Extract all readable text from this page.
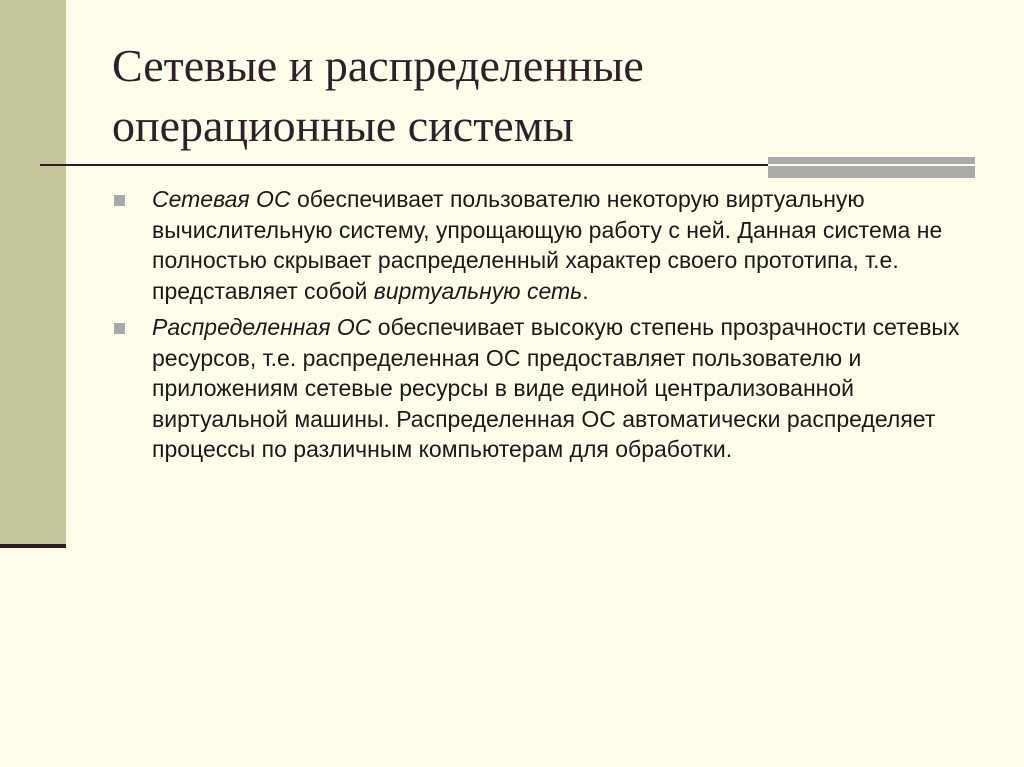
Сетевые и распределенные
операционные системы
Сетевая ОС обеспечивает пользователю некоторую виртуальную вычислительную систему, упрощающую работу с ней. Данная система не полностью скрывает распределенный характер своего прототипа, т.е. представляет собой виртуальную сеть.
Распределенная ОС обеспечивает высокую степень прозрачности сетевых ресурсов, т.е. распределенная ОС предоставляет пользователю и приложениям сетевые ресурсы в виде единой централизованной виртуальной машины. Распределенная ОС автоматически распределяет процессы по различным компьютерам для обработки.
